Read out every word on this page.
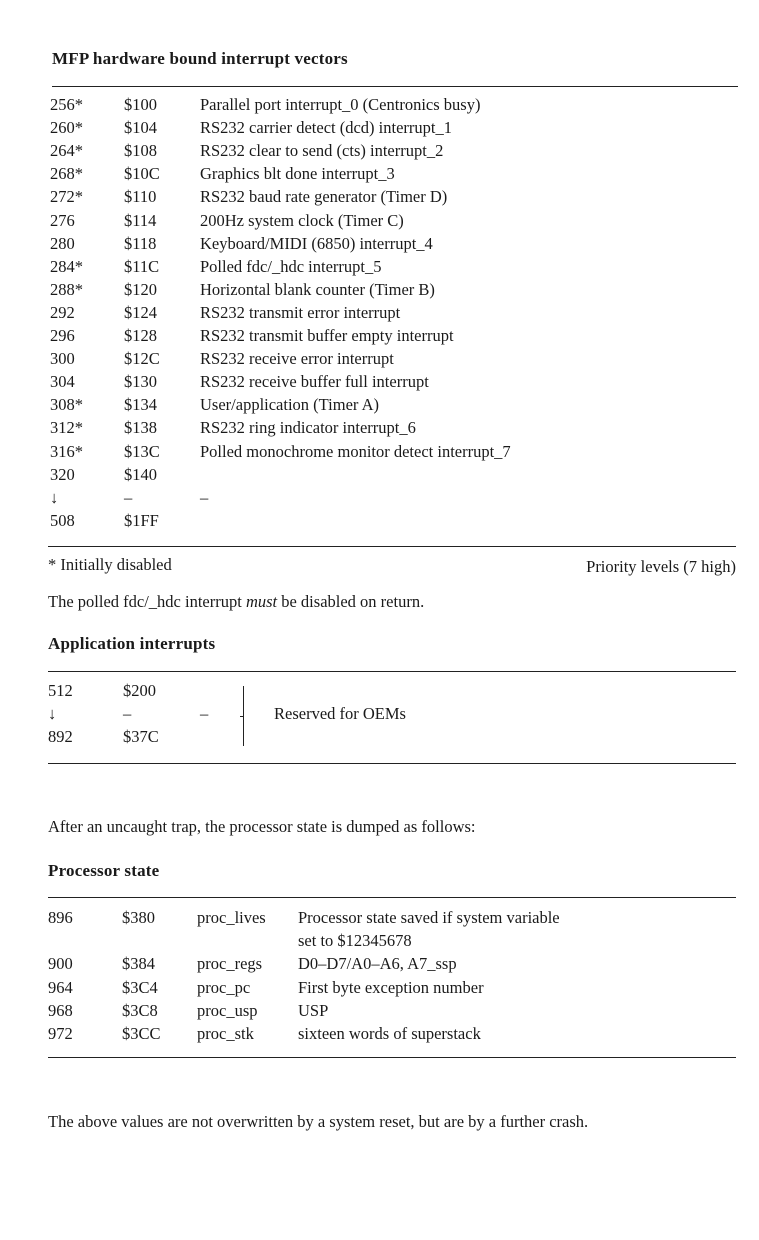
MFP hardware bound interrupt vectors
256* $100	Parallel port interrupt_0 (Centronics busy)
260* $104	RS232 carrier detect (dcd) interrupt_1
264* $108	RS232 clear to send (cts) interrupt_2
268* $10C Graphics blt done interrupt_3
272* $110	RS232 baud rate generator (Timer D)
276	$114	200Hz system clock (Timer C)
280	$118	Keyboard/MIDI (6850) interrupt_4
284* $11C Polled fdc/_hdc interrupt_5
288* $120	Horizontal blank counter (Timer B)
292	$124	RS232 transmit error interrupt
296	$128	RS232 transmit buffer empty interrupt
300	$12C RS232 receive error interrupt
304	$130	RS232 receive buffer full interrupt
308* $134	User/application (Timer A)
312* $138	RS232 ring indicator interrupt_6
316* $13C Polled monochrome monitor detect interrupt_7
320	$140
↓	–	–
508	$1FF
* Initially disabled	Priority levels (7 high)
The polled fdc/_hdc interrupt must be disabled on return.
Application interrupts
512	$200
↓	–	–
892	$37C
Reserved for OEMs
After an uncaught trap, the processor state is dumped as follows:
Processor state
896	$380	proc_lives Processor state saved if system variable
set to $12345678
900	$384	proc_regs D0–D7/A0–A6, A7_ssp
964	$3C4 proc_pc	First byte exception number
968	$3C8 proc_usp USP
972	$3CC proc_stk	sixteen words of superstack
The above values are not overwritten by a system reset, but are by a further crash.
